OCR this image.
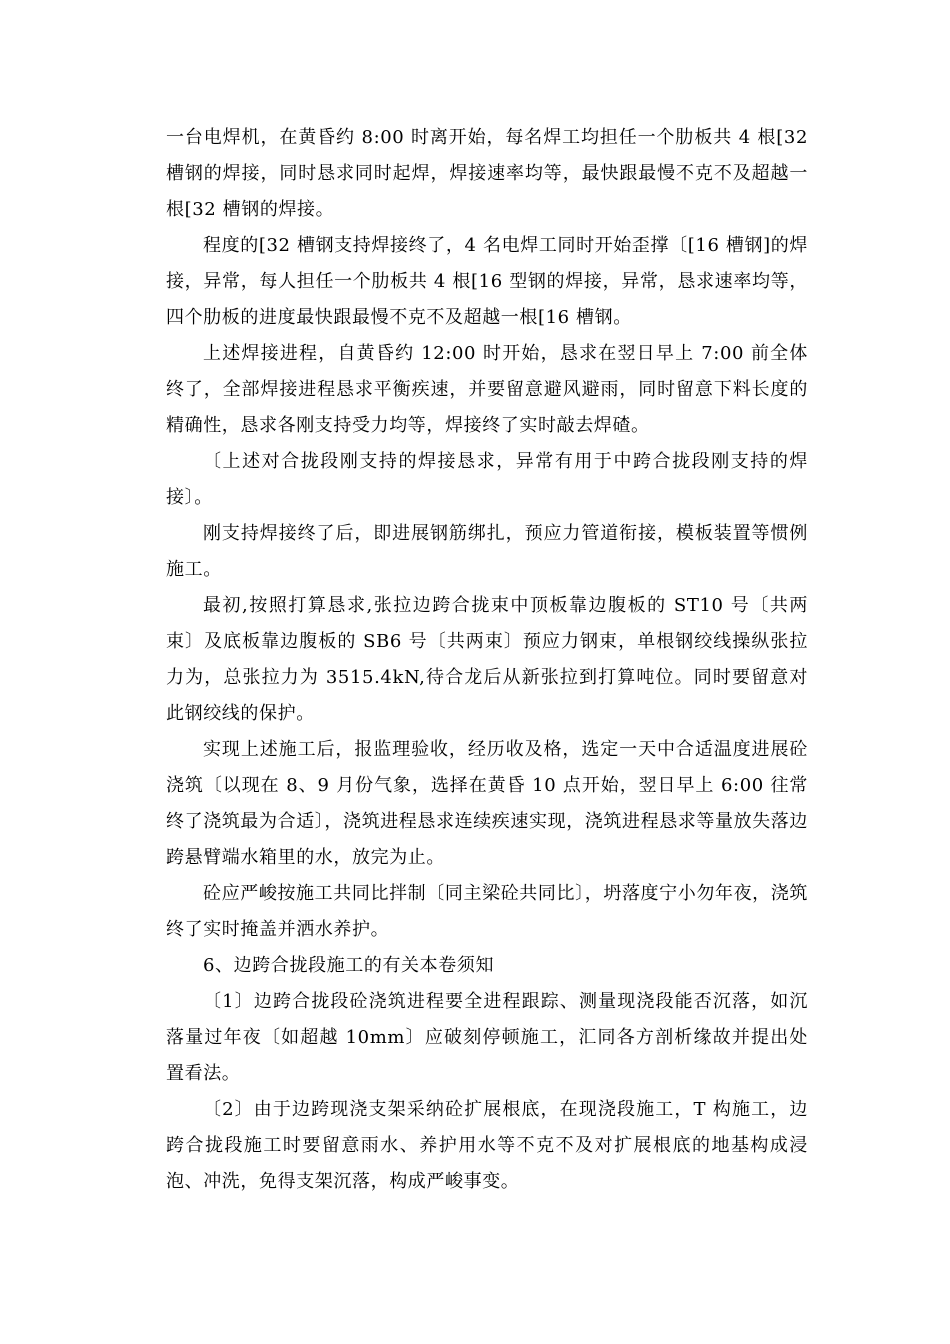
一台电焊机，在黄昏约 8:00 时离开始，每名焊工均担任一个肋板共 4 根[32 槽钢的焊接，同时恳求同时起焊，焊接速率均等，最快跟最慢不克不及超越一根[32 槽钢的焊接。

程度的[32 槽钢支持焊接终了，4 名电焊工同时开始歪撑〔[16 槽钢]的焊接，异常，每人担任一个肋板共 4 根[16 型钢的焊接，异常，恳求速率均等，四个肋板的进度最快跟最慢不克不及超越一根[16 槽钢。

上述焊接进程，自黄昏约 12:00 时开始，恳求在翌日早上 7:00 前全体终了，全部焊接进程恳求平衡疾速，并要留意避风避雨，同时留意下料长度的精确性，恳求各刚支持受力均等，焊接终了实时敲去焊碴。

〔上述对合拢段刚支持的焊接恳求，异常有用于中跨合拢段刚支持的焊接〕。

刚支持焊接终了后，即进展钢筋绑扎，预应力管道衔接，模板装置等惯例施工。

最初,按照打算恳求,张拉边跨合拢束中顶板靠边腹板的 ST10 号〔共两束〕及底板靠边腹板的 SB6 号〔共两束〕预应力钢束，单根钢绞线操纵张拉力为，总张拉力为 3515.4kN,待合龙后从新张拉到打算吨位。同时要留意对此钢绞线的保护。

实现上述施工后，报监理验收，经历收及格，选定一天中合适温度进展砼浇筑〔以现在 8、9 月份气象，选择在黄昏 10 点开始，翌日早上 6:00 往常终了浇筑最为合适〕，浇筑进程恳求连续疾速实现，浇筑进程恳求等量放失落边跨悬臂端水箱里的水，放完为止。

砼应严峻按施工共同比拌制〔同主梁砼共同比〕，坍落度宁小勿年夜，浇筑终了实时掩盖并洒水养护。

6、边跨合拢段施工的有关本卷须知

〔1〕边跨合拢段砼浇筑进程要全进程跟踪、测量现浇段能否沉落，如沉落量过年夜〔如超越 10mm〕应破刻停顿施工，汇同各方剖析缘故并提出处置看法。

〔2〕由于边跨现浇支架采纳砼扩展根底，在现浇段施工，T 构施工，边跨合拢段施工时要留意雨水、养护用水等不克不及对扩展根底的地基构成浸泡、冲洗，免得支架沉落，构成严峻事变。
